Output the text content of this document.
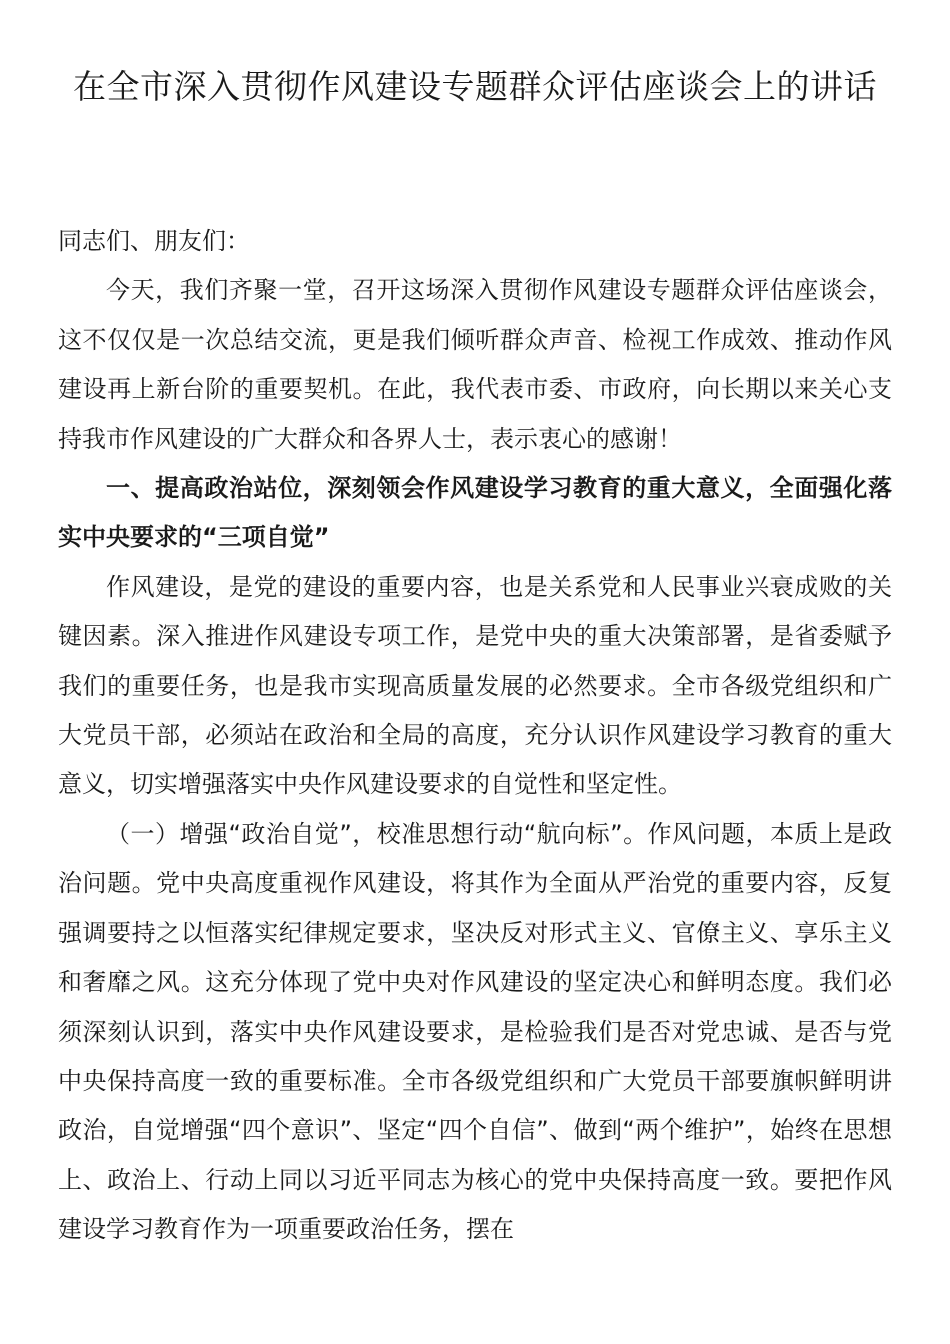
在全市深入贯彻作风建设专题群众评估座谈会上的讲话

同志们、朋友们：

今天，我们齐聚一堂，召开这场深入贯彻作风建设专题群众评估座谈会，这不仅仅是一次总结交流，更是我们倾听群众声音、检视工作成效、推动作风建设再上新台阶的重要契机。在此，我代表市委、市政府，向长期以来关心支持我市作风建设的广大群众和各界人士，表示衷心的感谢！

一、提高政治站位，深刻领会作风建设学习教育的重大意义，全面强化落实中央要求的“三项自觉”

作风建设，是党的建设的重要内容，也是关系党和人民事业兴衰成败的关键因素。深入推进作风建设专项工作，是党中央的重大决策部署，是省委赋予我们的重要任务，也是我市实现高质量发展的必然要求。全市各级党组织和广大党员干部，必须站在政治和全局的高度，充分认识作风建设学习教育的重大意义，切实增强落实中央作风建设要求的自觉性和坚定性。

（一）增强“政治自觉”，校准思想行动“航向标”。作风问题，本质上是政治问题。党中央高度重视作风建设，将其作为全面从严治党的重要内容，反复强调要持之以恒落实纪律规定要求，坚决反对形式主义、官僚主义、享乐主义和奢靡之风。这充分体现了党中央对作风建设的坚定决心和鲜明态度。我们必须深刻认识到，落实中央作风建设要求，是检验我们是否对党忠诚、是否与党中央保持高度一致的重要标准。全市各级党组织和广大党员干部要旗帜鲜明讲政治，自觉增强“四个意识”、坚定“四个自信”、做到“两个维护”，始终在思想上、政治上、行动上同以习近平同志为核心的党中央保持高度一致。要把作风建设学习教育作为一项重要政治任务，摆在
